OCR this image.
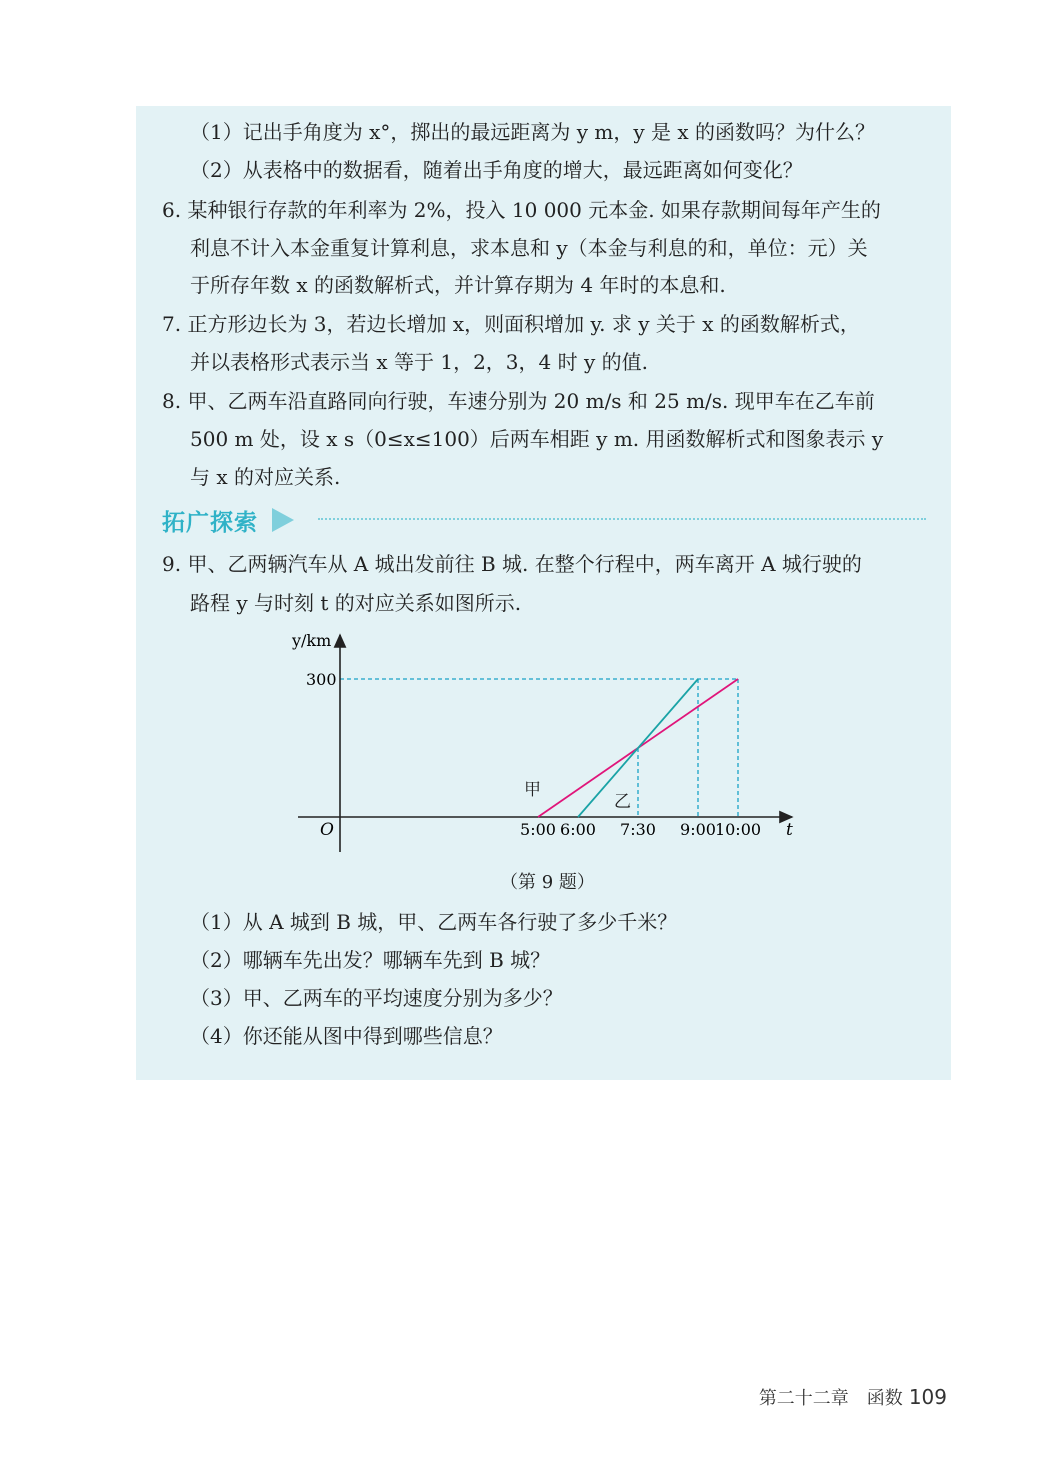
（1）记出手角度为 x°，掷出的最远距离为 y m，y 是 x 的函数吗？为什么？
（2）从表格中的数据看，随着出手角度的增大，最远距离如何变化？
6. 某种银行存款的年利率为 2%，投入 10 000 元本金. 如果存款期间每年产生的
利息不计入本金重复计算利息，求本息和 y（本金与利息的和，单位：元）关
于所存年数 x 的函数解析式，并计算存期为 4 年时的本息和.
7. 正方形边长为 3，若边长增加 x，则面积增加 y. 求 y 关于 x 的函数解析式，
并以表格形式表示当 x 等于 1，2，3，4 时 y 的值.
8. 甲、乙两车沿直路同向行驶，车速分别为 20 m/s 和 25 m/s. 现甲车在乙车前
500 m 处，设 x s（0≤x≤100）后两车相距 y m. 用函数解析式和图象表示 y
与 x 的对应关系.
拓广探索
9. 甲、乙两辆汽车从 A 城出发前往 B 城. 在整个行程中，两车离开 A 城行驶的
路程 y 与时刻 t 的对应关系如图所示.
甲
乙
y/km
t
O
300
5:00 6:00 7:30 9:00
10:00
（第 9 题）
（1）从 A 城到 B 城，甲、乙两车各行驶了多少千米？
（2）哪辆车先出发？哪辆车先到 B 城？
（3）甲、乙两车的平均速度分别为多少？
（4）你还能从图中得到哪些信息？
第二十二章　函数 109
